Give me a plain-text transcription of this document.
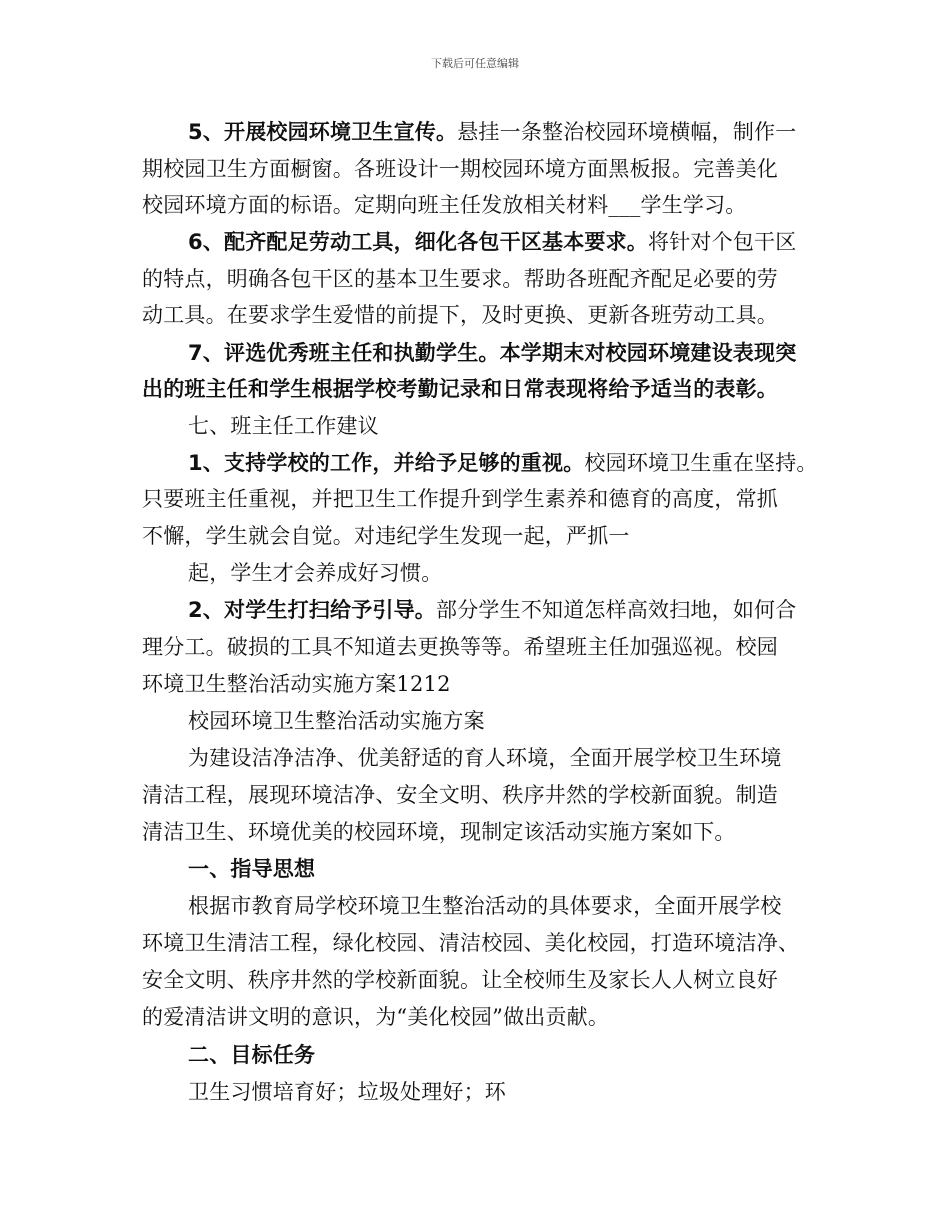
下载后可任意编辑
5、开展校园环境卫生宣传。悬挂一条整治校园环境横幅，制作一
期校园卫生方面橱窗。各班设计一期校园环境方面黑板报。完善美化
校园环境方面的标语。定期向班主任发放相关材料___学生学习。
6、配齐配足劳动工具，细化各包干区基本要求。将针对个包干区
的特点，明确各包干区的基本卫生要求。帮助各班配齐配足必要的劳
动工具。在要求学生爱惜的前提下，及时更换、更新各班劳动工具。
7、评选优秀班主任和执勤学生。本学期末对校园环境建设表现突
出的班主任和学生根据学校考勤记录和日常表现将给予适当的表彰。
七、班主任工作建议
1、支持学校的工作，并给予足够的重视。校园环境卫生重在坚持。
只要班主任重视，并把卫生工作提升到学生素养和德育的高度，常抓
不懈，学生就会自觉。对违纪学生发现一起，严抓一
起，学生才会养成好习惯。
2、对学生打扫给予引导。部分学生不知道怎样高效扫地，如何合
理分工。破损的工具不知道去更换等等。希望班主任加强巡视。校园
环境卫生整治活动实施方案1212
校园环境卫生整治活动实施方案
为建设洁净洁净、优美舒适的育人环境，全面开展学校卫生环境
清洁工程，展现环境洁净、安全文明、秩序井然的学校新面貌。制造
清洁卫生、环境优美的校园环境，现制定该活动实施方案如下。
一、指导思想
根据市教育局学校环境卫生整治活动的具体要求，全面开展学校
环境卫生清洁工程，绿化校园、清洁校园、美化校园，打造环境洁净、
安全文明、秩序井然的学校新面貌。让全校师生及家长人人树立良好
的爱清洁讲文明的意识，为“美化校园”做出贡献。
二、目标任务
卫生习惯培育好；垃圾处理好；环
